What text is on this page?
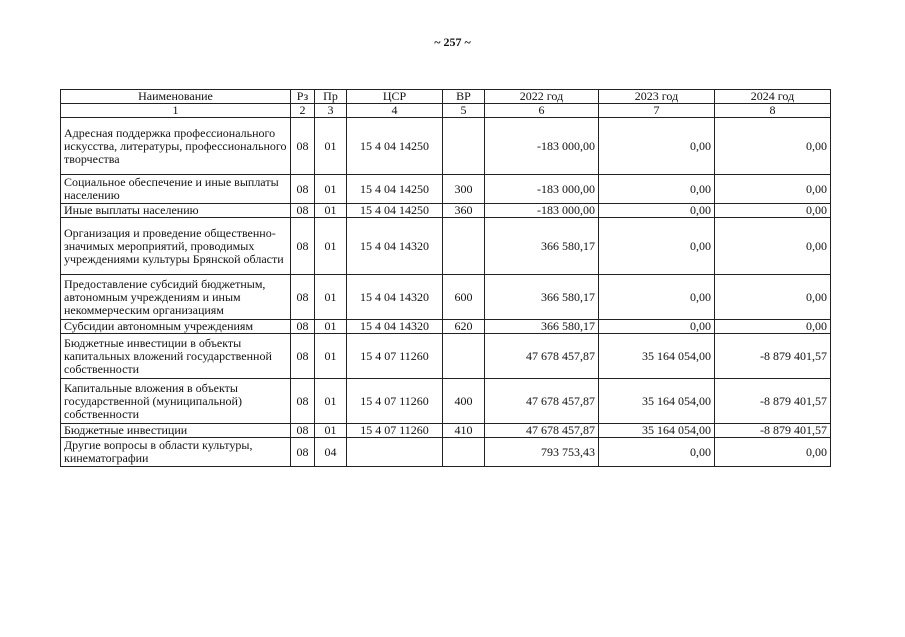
~ 257 ~
Наименование	Рз	Пр	ЦСР	ВР	2022 год	2023 год	2024 год
1	2	3	4	5	6	7	8
Адресная поддержка профессионального искусства, литературы, профессионального творчества	08	01	15 4 04 14250		-183 000,00	0,00	0,00
Социальное обеспечение и иные выплаты населению	08	01	15 4 04 14250	300	-183 000,00	0,00	0,00
Иные выплаты населению	08	01	15 4 04 14250	360	-183 000,00	0,00	0,00
Организация и проведение общественно-значимых мероприятий, проводимых учреждениями культуры Брянской области	08	01	15 4 04 14320		366 580,17	0,00	0,00
Предоставление субсидий бюджетным, автономным учреждениям и иным некоммерческим организациям	08	01	15 4 04 14320	600	366 580,17	0,00	0,00
Субсидии автономным учреждениям	08	01	15 4 04 14320	620	366 580,17	0,00	0,00
Бюджетные инвестиции в объекты капитальных вложений государственной собственности	08	01	15 4 07 11260		47 678 457,87	35 164 054,00	-8 879 401,57
Капитальные вложения в объекты государственной (муниципальной) собственности	08	01	15 4 07 11260	400	47 678 457,87	35 164 054,00	-8 879 401,57
Бюджетные инвестиции	08	01	15 4 07 11260	410	47 678 457,87	35 164 054,00	-8 879 401,57
Другие вопросы в области культуры, кинематографии	08	04			793 753,43	0,00	0,00
